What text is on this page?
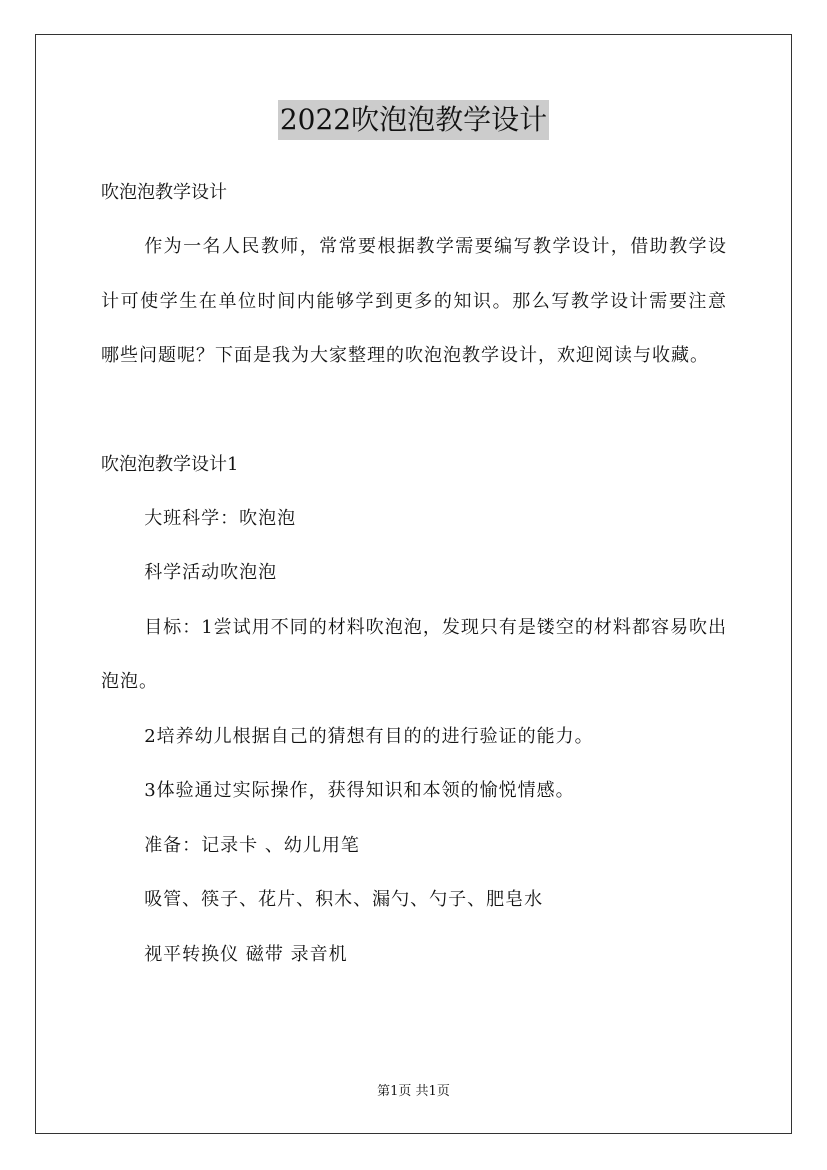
2022吹泡泡教学设计

吹泡泡教学设计

作为一名人民教师，常常要根据教学需要编写教学设计，借助教学设计可使学生在单位时间内能够学到更多的知识。那么写教学设计需要注意哪些问题呢？下面是我为大家整理的吹泡泡教学设计，欢迎阅读与收藏。

吹泡泡教学设计1

大班科学：吹泡泡

科学活动吹泡泡

目标：1尝试用不同的材料吹泡泡，发现只有是镂空的材料都容易吹出泡泡。

2培养幼儿根据自己的猜想有目的的进行验证的能力。

3体验通过实际操作，获得知识和本领的愉悦情感。

准备：记录卡 、幼儿用笔

吸管、筷子、花片、积木、漏勺、勺子、肥皂水

视平转换仪 磁带 录音机

第1页 共1页
